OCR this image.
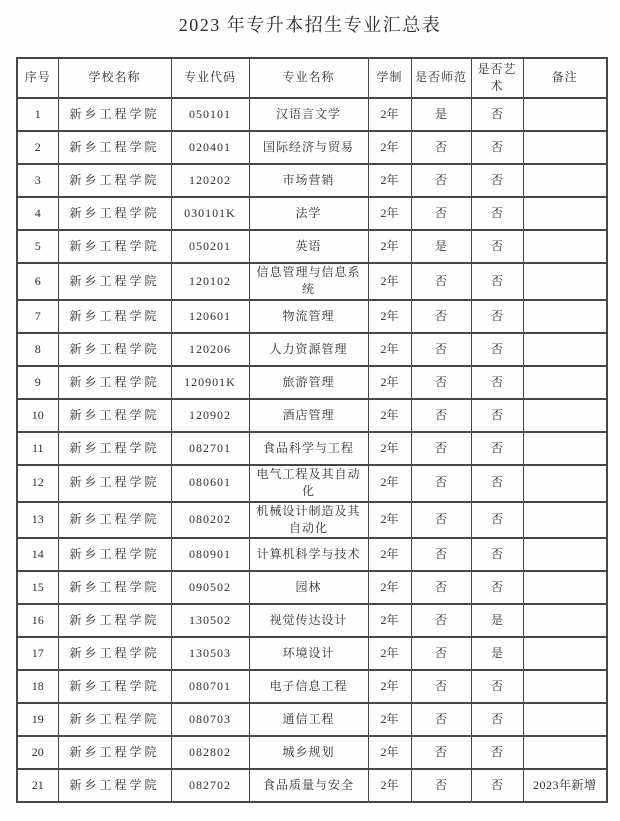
2023 年专升本招生专业汇总表
序号	学校名称	专业代码	专业名称	学制	是否师范	是否艺术	备注
1	新乡工程学院	050101	汉语言文学	2年	是	否	
2	新乡工程学院	020401	国际经济与贸易	2年	否	否	
3	新乡工程学院	120202	市场营销	2年	否	否	
4	新乡工程学院	030101K	法学	2年	否	否	
5	新乡工程学院	050201	英语	2年	是	否	
6	新乡工程学院	120102	信息管理与信息系统	2年	否	否	
7	新乡工程学院	120601	物流管理	2年	否	否	
8	新乡工程学院	120206	人力资源管理	2年	否	否	
9	新乡工程学院	120901K	旅游管理	2年	否	否	
10	新乡工程学院	120902	酒店管理	2年	否	否	
11	新乡工程学院	082701	食品科学与工程	2年	否	否	
12	新乡工程学院	080601	电气工程及其自动化	2年	否	否	
13	新乡工程学院	080202	机械设计制造及其自动化	2年	否	否	
14	新乡工程学院	080901	计算机科学与技术	2年	否	否	
15	新乡工程学院	090502	园林	2年	否	否	
16	新乡工程学院	130502	视觉传达设计	2年	否	是	
17	新乡工程学院	130503	环境设计	2年	否	是	
18	新乡工程学院	080701	电子信息工程	2年	否	否	
19	新乡工程学院	080703	通信工程	2年	否	否	
20	新乡工程学院	082802	城乡规划	2年	否	否	
21	新乡工程学院	082702	食品质量与安全	2年	否	否	2023年新增
